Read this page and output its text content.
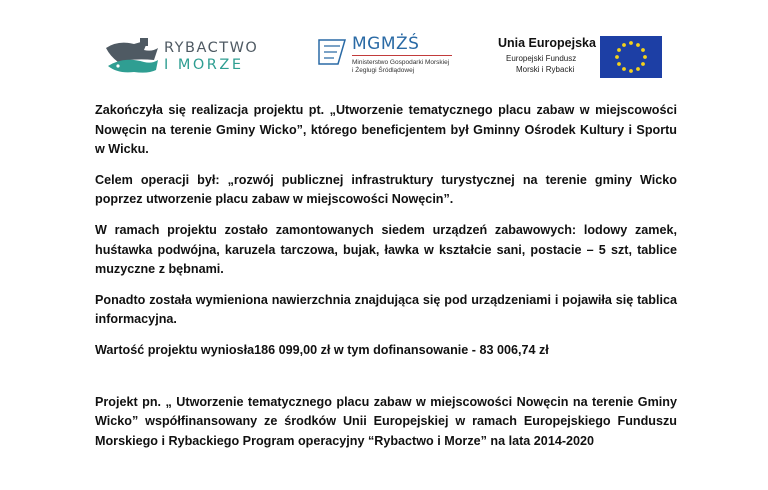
RYBACTWO
I MORZE
MGMŻŚ
Ministerstwo Gospodarki Morskiej
i Żeglugi Śródlądowej
Unia Europejska
Europejski Fundusz
Morski i Rybacki

Zakończyła się realizacja projektu pt. „Utworzenie tematycznego placu zabaw w miejscowości Nowęcin na terenie Gminy Wicko”, którego beneficjentem był Gminny Ośrodek Kultury i Sportu w Wicku.

Celem operacji był: „rozwój publicznej infrastruktury turystycznej na terenie gminy Wicko poprzez utworzenie placu zabaw w miejscowości Nowęcin”.

W ramach projektu zostało zamontowanych siedem urządzeń zabawowych: lodowy zamek, huśtawka podwójna, karuzela tarczowa, bujak, ławka w kształcie sani, postacie – 5 szt, tablice muzyczne z bębnami.

Ponadto została wymieniona nawierzchnia znajdująca się pod urządzeniami i pojawiła się tablica informacyjna.

Wartość projektu wyniosła186 099,00 zł w tym dofinansowanie - 83 006,74 zł

Projekt pn. „ Utworzenie tematycznego placu zabaw w miejscowości Nowęcin na terenie Gminy Wicko” współfinansowany ze środków Unii Europejskiej w ramach Europejskiego Funduszu Morskiego i Rybackiego Program operacyjny “Rybactwo i Morze” na lata 2014-2020
